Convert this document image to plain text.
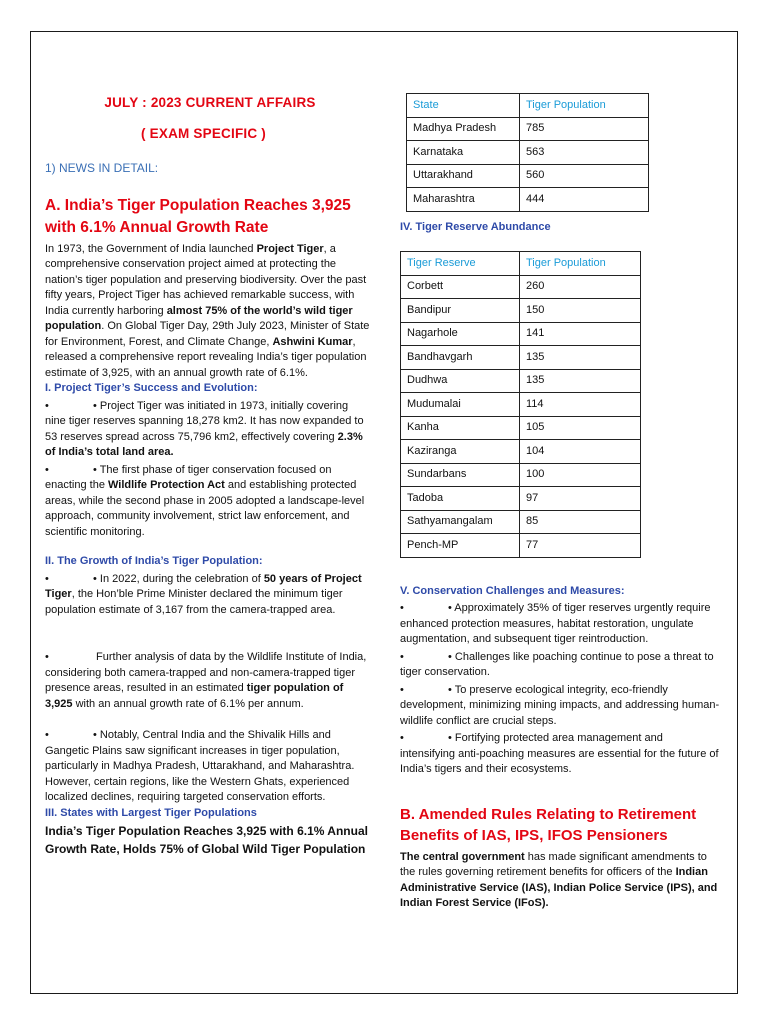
JULY : 2023 CURRENT AFFAIRS
( EXAM SPECIFIC )
1) NEWS IN DETAIL:
A. India’s Tiger Population Reaches 3,925 with 6.1% Annual Growth Rate
In 1973, the Government of India launched Project Tiger, a comprehensive conservation project aimed at protecting the nation’s tiger population and preserving biodiversity. Over the past fifty years, Project Tiger has achieved remarkable success, with India currently harboring almost 75% of the world’s wild tiger population. On Global Tiger Day, 29th July 2023, Minister of State for Environment, Forest, and Climate Change, Ashwini Kumar, released a comprehensive report revealing India’s tiger population estimate of 3,925, with an annual growth rate of 6.1%.
I. Project Tiger’s Success and Evolution:
•	• Project Tiger was initiated in 1973, initially covering nine tiger reserves spanning 18,278 km2. It has now expanded to 53 reserves spread across 75,796 km2, effectively covering 2.3% of India’s total land area.
•	• The first phase of tiger conservation focused on enacting the Wildlife Protection Act and establishing protected areas, while the second phase in 2005 adopted a landscape-level approach, community involvement, strict law enforcement, and scientific monitoring.
II. The Growth of India’s Tiger Population:
•	• In 2022, during the celebration of 50 years of Project Tiger, the Hon’ble Prime Minister declared the minimum tiger population estimate of 3,167 from the camera-trapped area.
•	Further analysis of data by the Wildlife Institute of India, considering both camera-trapped and non-camera-trapped tiger presence areas, resulted in an estimated tiger population of 3,925 with an annual growth rate of 6.1% per annum.
•	• Notably, Central India and the Shivalik Hills and Gangetic Plains saw significant increases in tiger population, particularly in Madhya Pradesh, Uttarakhand, and Maharashtra. However, certain regions, like the Western Ghats, experienced localized declines, requiring targeted conservation efforts.
III. States with Largest Tiger Populations
India’s Tiger Population Reaches 3,925 with 6.1% Annual Growth Rate, Holds 75% of Global Wild Tiger Population
State	Tiger Population
Madhya Pradesh	785
Karnataka	563
Uttarakhand	560
Maharashtra	444
IV. Tiger Reserve Abundance
Tiger Reserve	Tiger Population
Corbett	260
Bandipur	150
Nagarhole	141
Bandhavgarh	135
Dudhwa	135
Mudumalai	114
Kanha	105
Kaziranga	104
Sundarbans	100
Tadoba	97
Sathyamangalam	85
Pench-MP	77
V. Conservation Challenges and Measures:
•	• Approximately 35% of tiger reserves urgently require enhanced protection measures, habitat restoration, ungulate augmentation, and subsequent tiger reintroduction.
•	• Challenges like poaching continue to pose a threat to tiger conservation.
•	• To preserve ecological integrity, eco-friendly development, minimizing mining impacts, and addressing human-wildlife conflict are crucial steps.
•	• Fortifying protected area management and intensifying anti-poaching measures are essential for the future of India’s tigers and their ecosystems.
B. Amended Rules Relating to Retirement Benefits of IAS, IPS, IFOS Pensioners
The central government has made significant amendments to the rules governing retirement benefits for officers of the Indian Administrative Service (IAS), Indian Police Service (IPS), and Indian Forest Service (IFoS).
